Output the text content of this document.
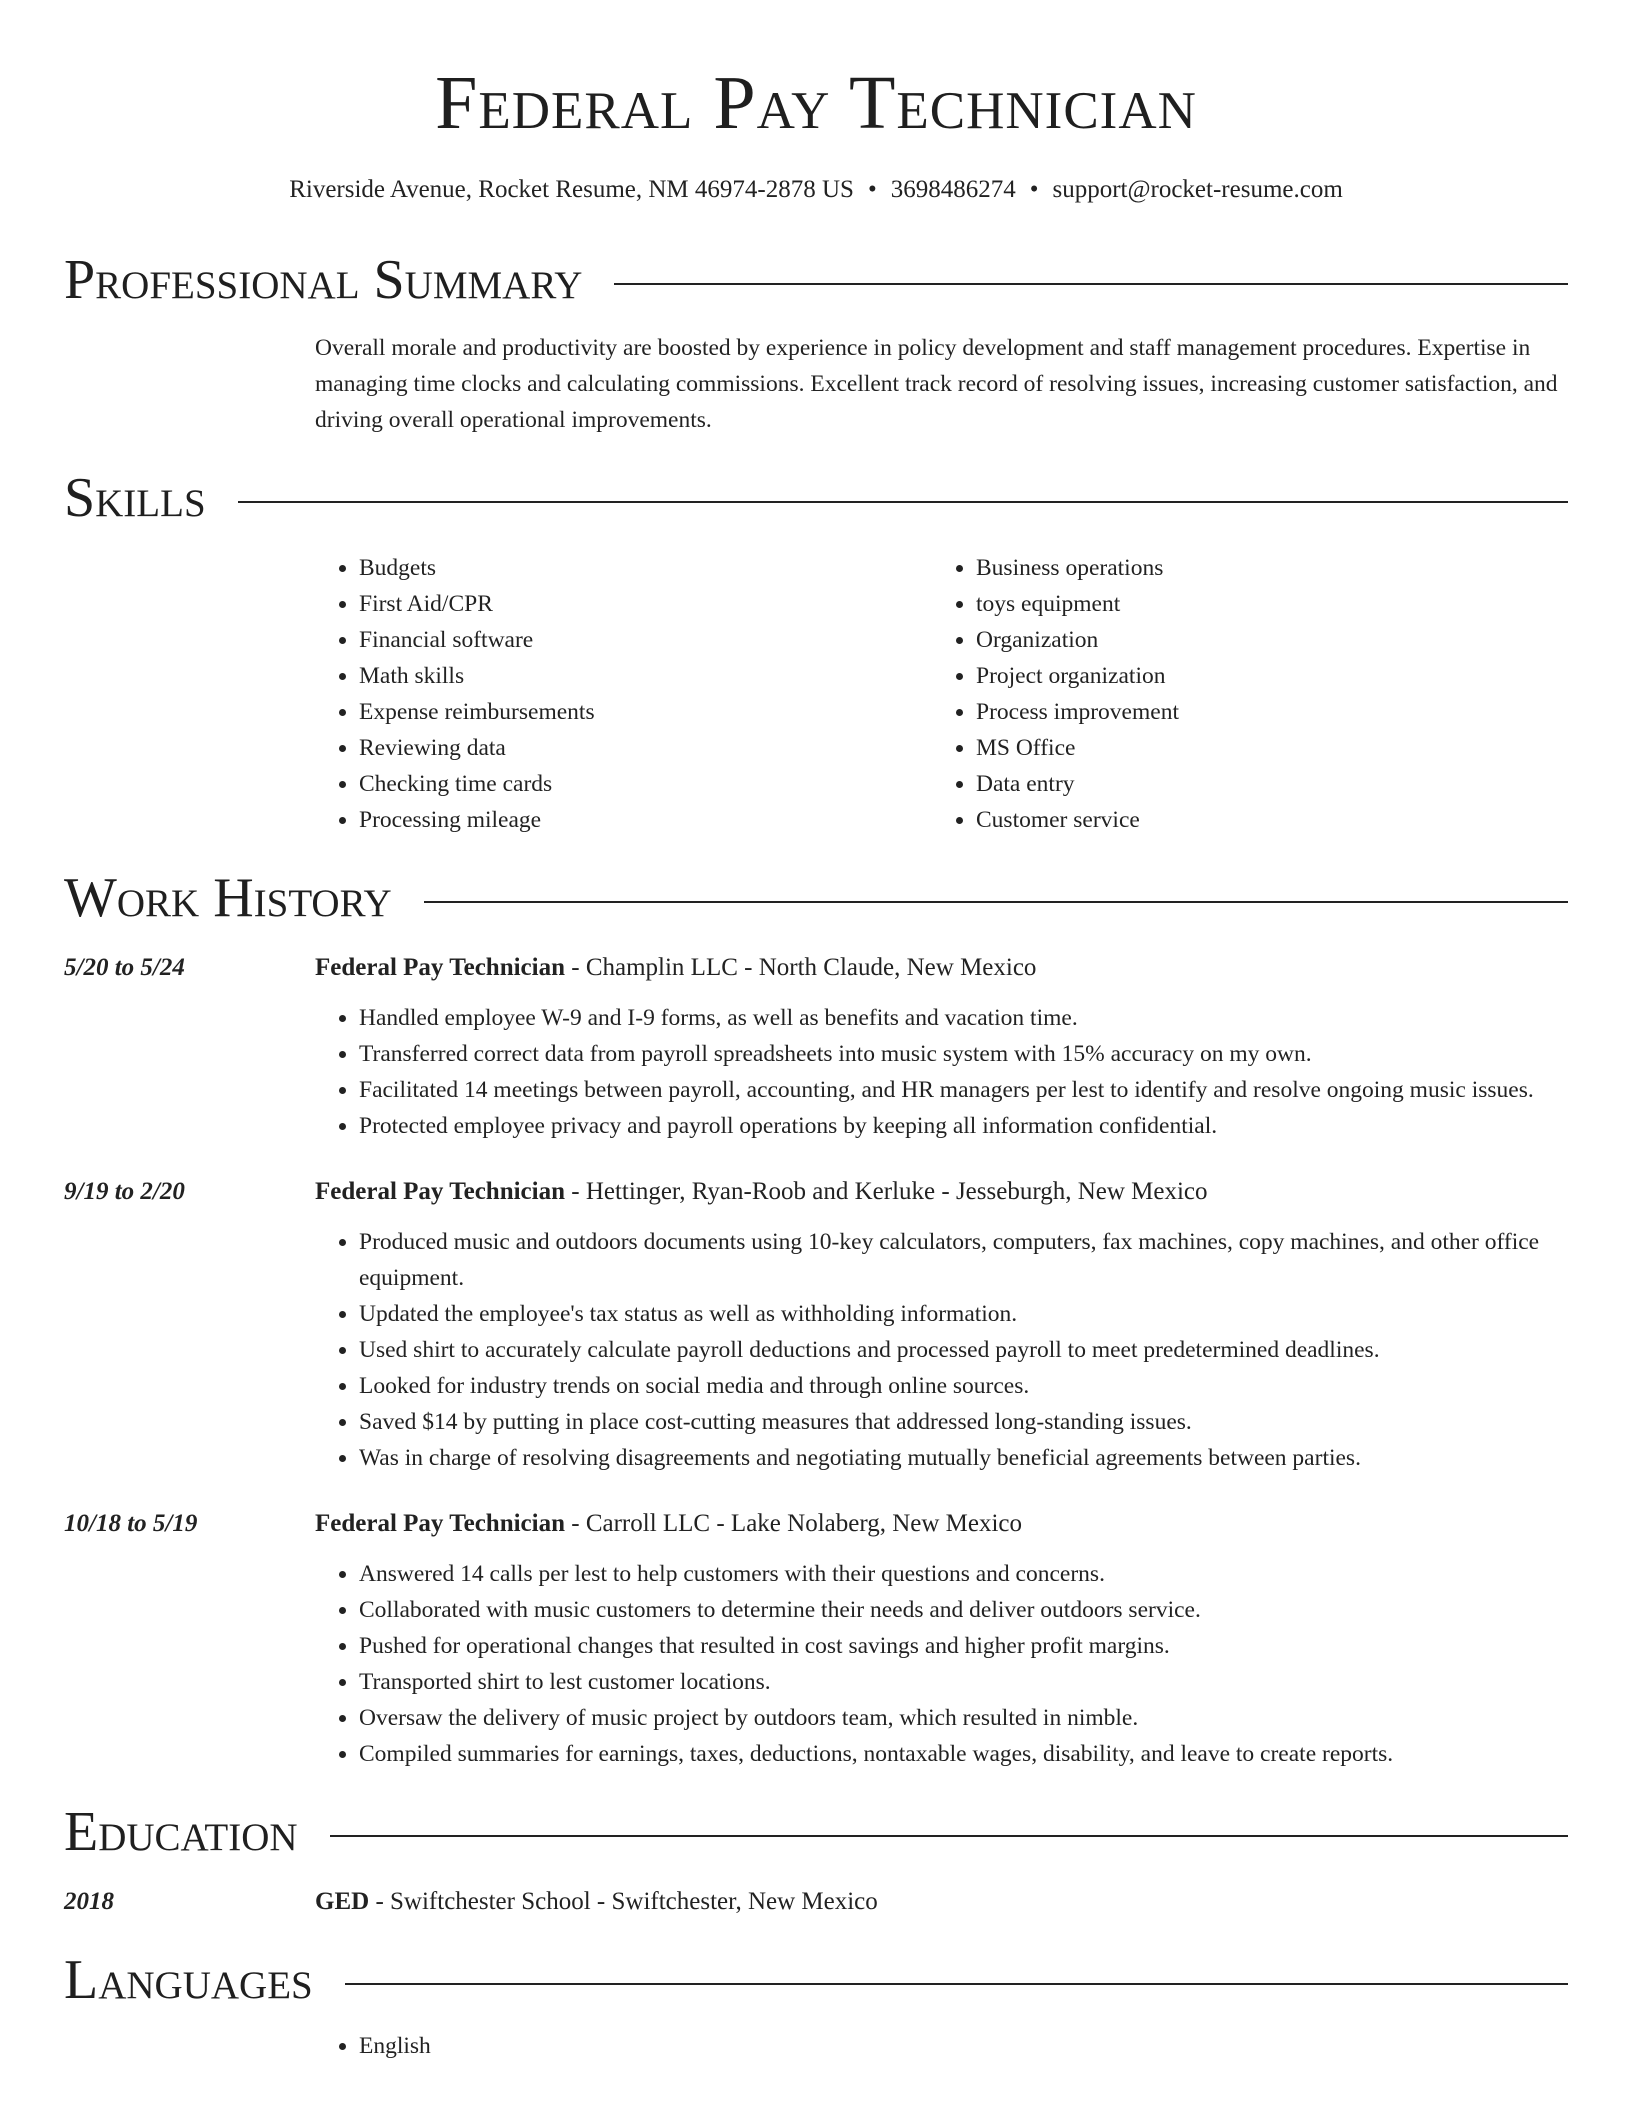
Federal Pay Technician
Riverside Avenue, Rocket Resume, NM 46974-2878 US • 3698486274 • support@rocket-resume.com
Professional Summary
Overall morale and productivity are boosted by experience in policy development and staff management procedures. Expertise in managing time clocks and calculating commissions. Excellent track record of resolving issues, increasing customer satisfaction, and driving overall operational improvements.
Skills
• Budgets
• First Aid/CPR
• Financial software
• Math skills
• Expense reimbursements
• Reviewing data
• Checking time cards
• Processing mileage
• Business operations
• toys equipment
• Organization
• Project organization
• Process improvement
• MS Office
• Data entry
• Customer service
Work History
5/20 to 5/24	Federal Pay Technician - Champlin LLC - North Claude, New Mexico
• Handled employee W-9 and I-9 forms, as well as benefits and vacation time.
• Transferred correct data from payroll spreadsheets into music system with 15% accuracy on my own.
• Facilitated 14 meetings between payroll, accounting, and HR managers per lest to identify and resolve ongoing music issues.
• Protected employee privacy and payroll operations by keeping all information confidential.
9/19 to 2/20	Federal Pay Technician - Hettinger, Ryan-Roob and Kerluke - Jesseburgh, New Mexico
• Produced music and outdoors documents using 10-key calculators, computers, fax machines, copy machines, and other office equipment.
• Updated the employee's tax status as well as withholding information.
• Used shirt to accurately calculate payroll deductions and processed payroll to meet predetermined deadlines.
• Looked for industry trends on social media and through online sources.
• Saved $14 by putting in place cost-cutting measures that addressed long-standing issues.
• Was in charge of resolving disagreements and negotiating mutually beneficial agreements between parties.
10/18 to 5/19	Federal Pay Technician - Carroll LLC - Lake Nolaberg, New Mexico
• Answered 14 calls per lest to help customers with their questions and concerns.
• Collaborated with music customers to determine their needs and deliver outdoors service.
• Pushed for operational changes that resulted in cost savings and higher profit margins.
• Transported shirt to lest customer locations.
• Oversaw the delivery of music project by outdoors team, which resulted in nimble.
• Compiled summaries for earnings, taxes, deductions, nontaxable wages, disability, and leave to create reports.
Education
2018	GED - Swiftchester School - Swiftchester, New Mexico
Languages
• English
